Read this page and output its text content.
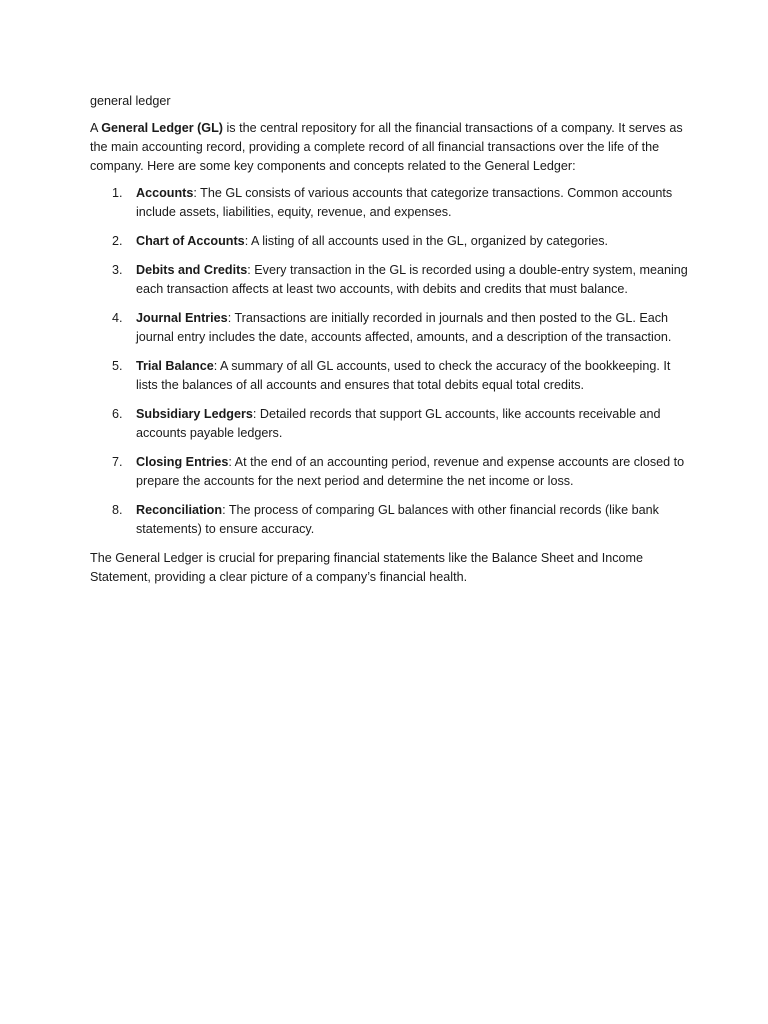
general ledger

A General Ledger (GL) is the central repository for all the financial transactions of a company. It serves as the main accounting record, providing a complete record of all financial transactions over the life of the company. Here are some key components and concepts related to the General Ledger:

1. Accounts: The GL consists of various accounts that categorize transactions. Common accounts include assets, liabilities, equity, revenue, and expenses.
2. Chart of Accounts: A listing of all accounts used in the GL, organized by categories.
3. Debits and Credits: Every transaction in the GL is recorded using a double-entry system, meaning each transaction affects at least two accounts, with debits and credits that must balance.
4. Journal Entries: Transactions are initially recorded in journals and then posted to the GL. Each journal entry includes the date, accounts affected, amounts, and a description of the transaction.
5. Trial Balance: A summary of all GL accounts, used to check the accuracy of the bookkeeping. It lists the balances of all accounts and ensures that total debits equal total credits.
6. Subsidiary Ledgers: Detailed records that support GL accounts, like accounts receivable and accounts payable ledgers.
7. Closing Entries: At the end of an accounting period, revenue and expense accounts are closed to prepare the accounts for the next period and determine the net income or loss.
8. Reconciliation: The process of comparing GL balances with other financial records (like bank statements) to ensure accuracy.

The General Ledger is crucial for preparing financial statements like the Balance Sheet and Income Statement, providing a clear picture of a company’s financial health.
